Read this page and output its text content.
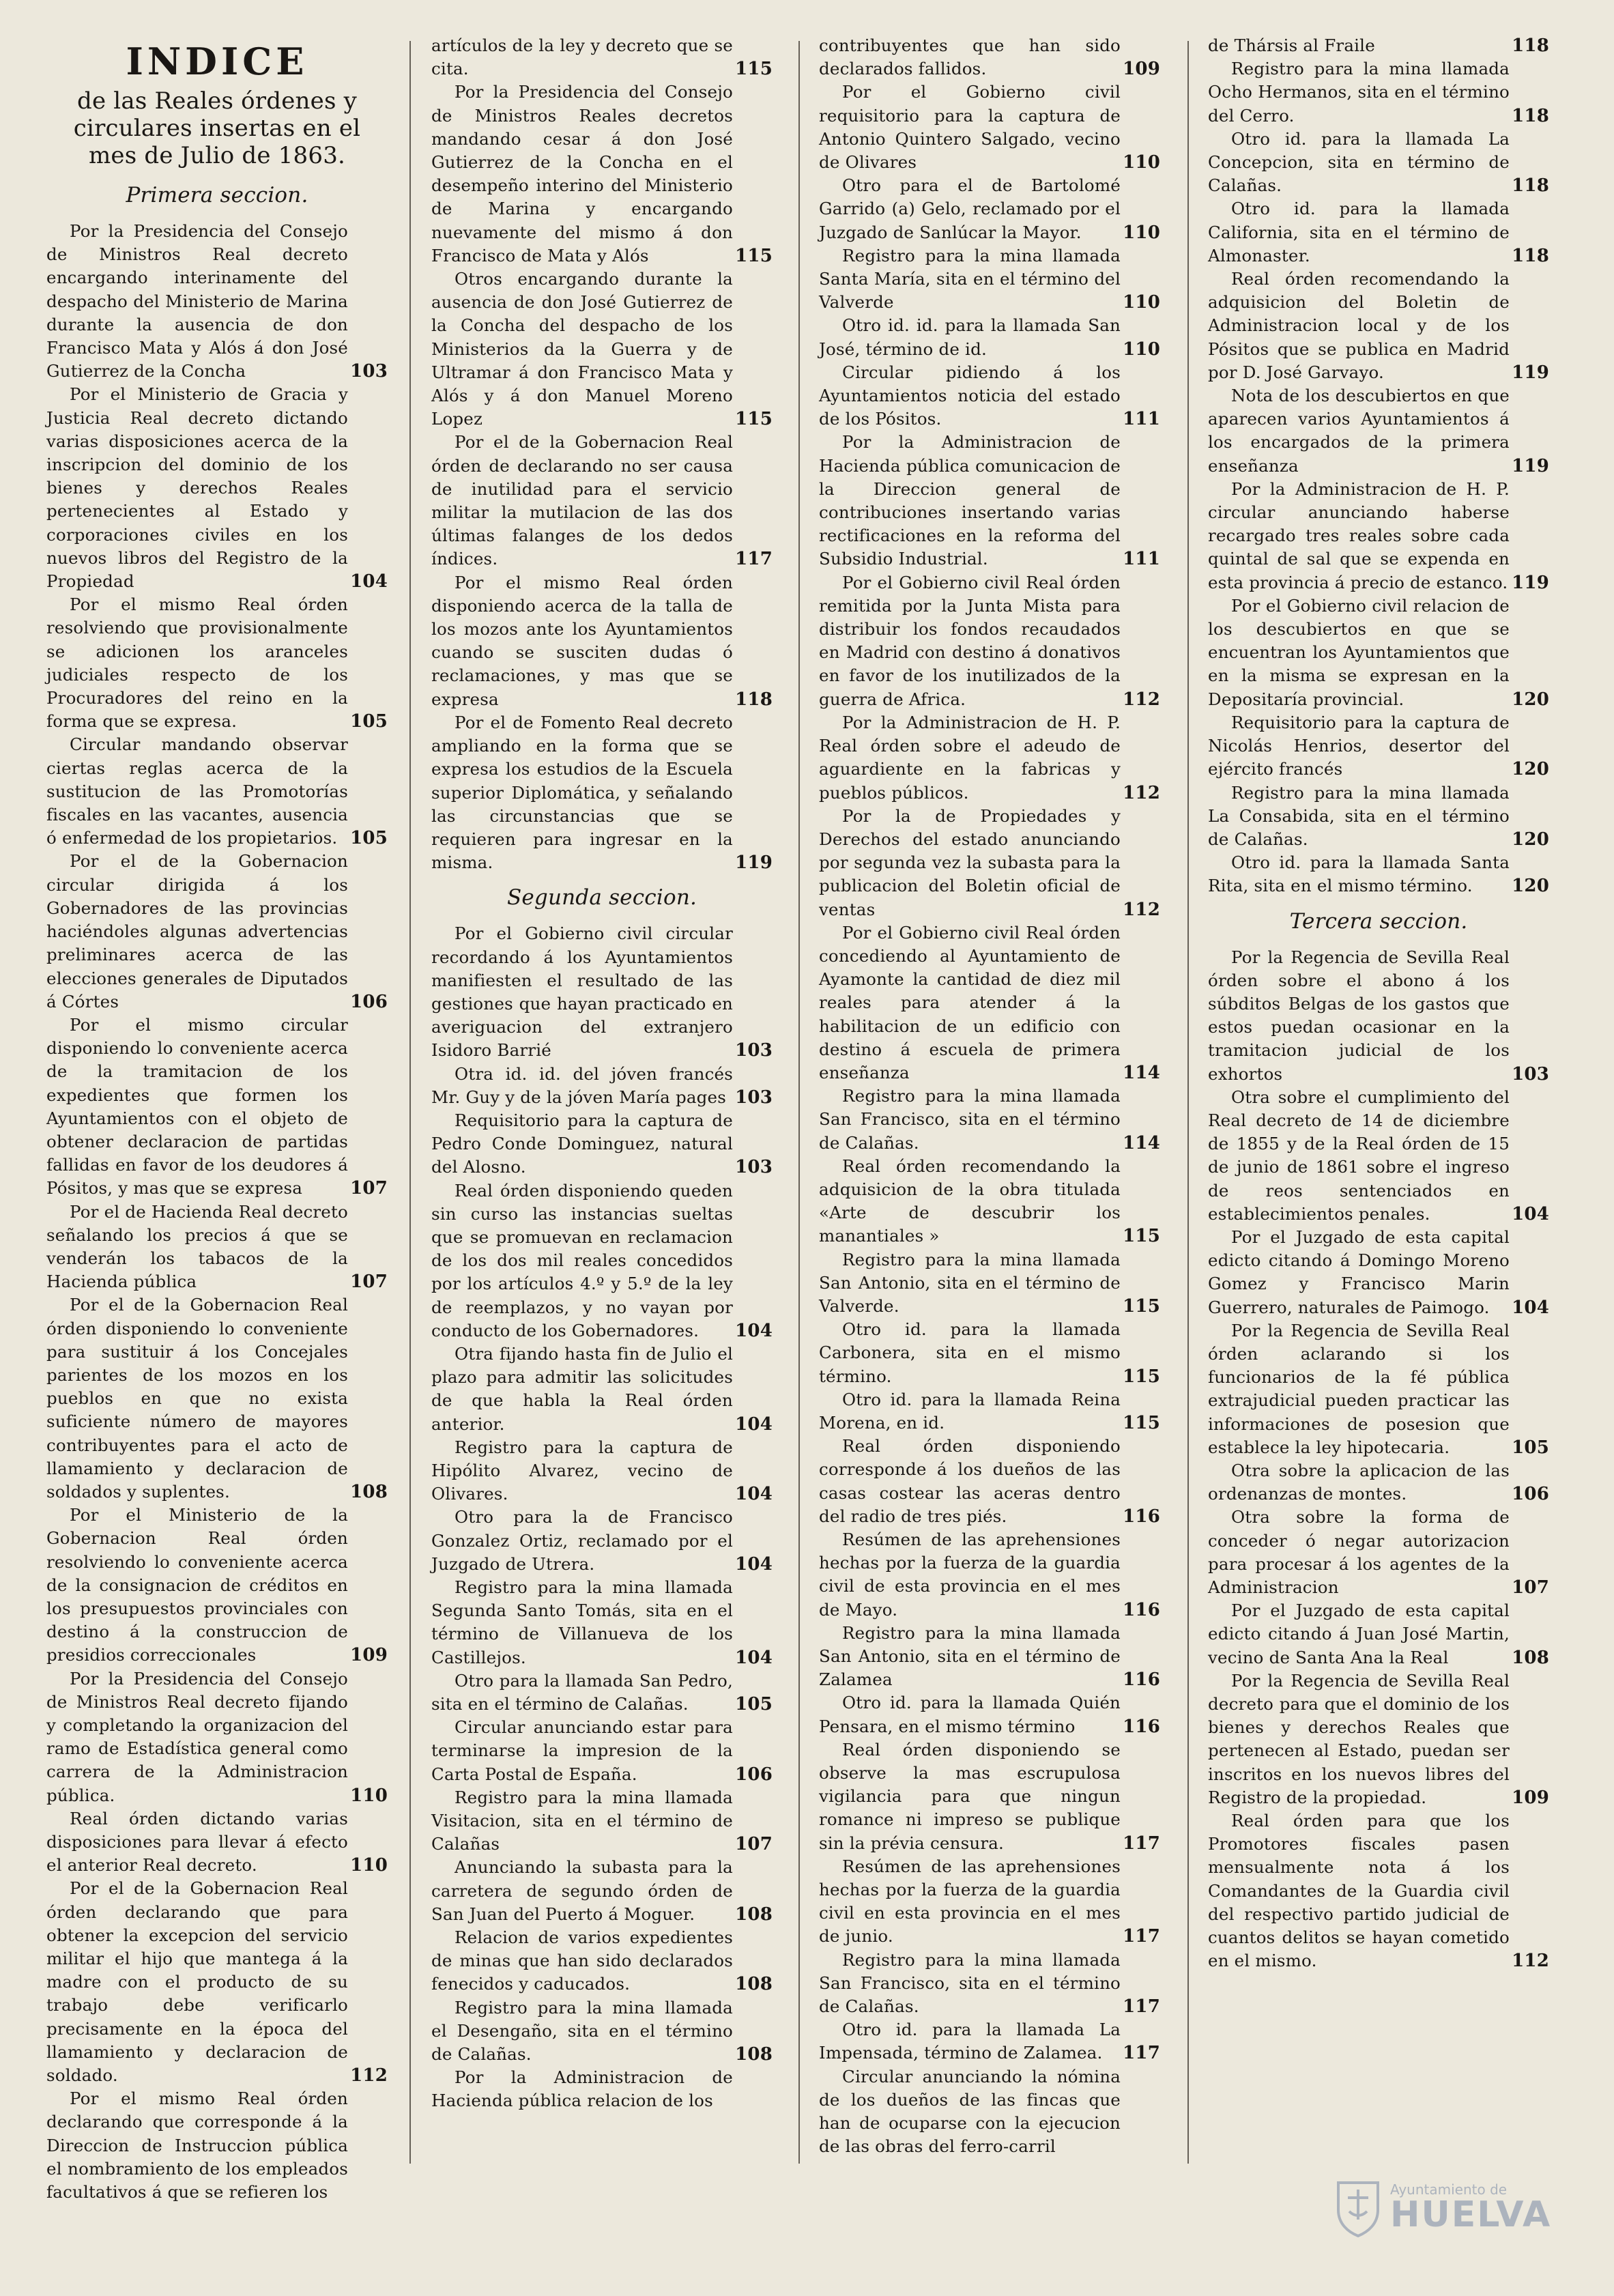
INDICE
de las Reales órdenes y circulares insertas en el mes de Julio de 1863.
Primera seccion.
Por la Presidencia del Consejo de Ministros Real decreto encargando interinamente del despacho del Ministerio de Marina durante la ausencia de don Francisco Mata y Alós á don José Gutierrez de la Concha	103
Por el Ministerio de Gracia y Justicia Real decreto dictando varias disposiciones acerca de la inscripcion del dominio de los bienes y derechos Reales pertenecientes al Estado y corporaciones civiles en los nuevos libros del Registro de la Propiedad	104
Por el mismo Real órden resolviendo que provisionalmente se adicionen los aranceles judiciales respecto de los Procuradores del reino en la forma que se expresa.	105
Circular mandando observar ciertas reglas acerca de la sustitucion de las Promotorías fiscales en las vacantes, ausencia ó enfermedad de los propietarios. 105
Por el de la Gobernacion circular dirigida á los Gobernadores de las provincias haciéndoles algunas advertencias preliminares acerca de las elecciones generales de Diputados á Córtes	106
Por el mismo circular disponiendo lo conveniente acerca de la tramitacion de los expedientes que formen los Ayuntamientos con el objeto de obtener declaracion de partidas fallidas en favor de los deudores á Pósitos, y mas que se expresa	107
Por el de Hacienda Real decreto señalando los precios á que se venderán los tabacos de la Hacienda pública	107
Por el de la Gobernacion Real órden disponiendo lo conveniente para sustituir á los Concejales parientes de los mozos en los pueblos en que no exista suficiente número de mayores contribuyentes para el acto de llamamiento y declaracion de soldados y suplentes.	108
Por el Ministerio de la Gobernacion Real órden resolviendo lo conveniente acerca de la consignacion de créditos en los presupuestos provinciales con destino á la construccion de presidios correccionales	109
Por la Presidencia del Consejo de Ministros Real decreto fijando y completando la organizacion del ramo de Estadística general como carrera de la Administracion pública.	110
Real órden dictando varias disposiciones para llevar á efecto el anterior Real decreto.	110
Por el de la Gobernacion Real órden declarando que para obtener la excepcion del servicio militar el hijo que mantega á la madre con el producto de su trabajo debe verificarlo precisamente en la época del llamamiento y declaracion de soldado.	112
Por el mismo Real órden declarando que corresponde á la Direccion de Instruccion pública el nombramiento de los empleados facultativos á que se refieren los
artículos de la ley y decreto que se cita.	115
Por la Presidencia del Consejo de Ministros Reales decretos mandando cesar á don José Gutierrez de la Concha en el desempeño interino del Ministerio de Marina y encargando nuevamente del mismo á don Francisco de Mata y Alós	115
Otros encargando durante la ausencia de don José Gutierrez de la Concha del despacho de los Ministerios da la Guerra y de Ultramar á don Francisco Mata y Alós y á don Manuel Moreno Lopez	115
Por el de la Gobernacion Real órden de declarando no ser causa de inutilidad para el servicio militar la mutilacion de las dos últimas falanges de los dedos índices.	117
Por el mismo Real órden disponiendo acerca de la talla de los mozos ante los Ayuntamientos cuando se susciten dudas ó reclamaciones, y mas que se expresa	118
Por el de Fomento Real decreto ampliando en la forma que se expresa los estudios de la Escuela superior Diplomática, y señalando las circunstancias que se requieren para ingresar en la misma.	119
Segunda seccion.
Por el Gobierno civil circular recordando á los Ayuntamientos manifiesten el resultado de las gestiones que hayan practicado en averiguacion del extranjero Isidoro Barrié	103
Otra id. id. del jóven francés Mr. Guy y de la jóven María pages 103
Requisitorio para la captura de Pedro Conde Dominguez, natural del Alosno.	103
Real órden disponiendo queden sin curso las instancias sueltas que se promuevan en reclamacion de los dos mil reales concedidos por los artículos 4.º y 5.º de la ley de reemplazos, y no vayan por conducto de los Gobernadores.	104
Otra fijando hasta fin de Julio el plazo para admitir las solicitudes de que habla la Real órden anterior.	104
Registro para la captura de Hipólito Alvarez, vecino de Olivares.	104
Otro para la de Francisco Gonzalez Ortiz, reclamado por el Juzgado de Utrera.	104
Registro para la mina llamada Segunda Santo Tomás, sita en el término de Villanueva de los Castillejos.	104
Otro para la llamada San Pedro, sita en el término de Calañas.	105
Circular anunciando estar para terminarse la impresion de la Carta Postal de España.	106
Registro para la mina llamada Visitacion, sita en el término de Calañas	107
Anunciando la subasta para la carretera de segundo órden de San Juan del Puerto á Moguer.	108
Relacion de varios expedientes de minas que han sido declarados fenecidos y caducados.	108
Registro para la mina llamada el Desengaño, sita en el término de Calañas.	108
Por la Administracion de Hacienda pública relacion de los
contribuyentes que han sido declarados fallidos.	109
Por el Gobierno civil requisitorio para la captura de Antonio Quintero Salgado, vecino de Olivares	110
Otro para el de Bartolomé Garrido (a) Gelo, reclamado por el Juzgado de Sanlúcar la Mayor.	110
Registro para la mina llamada Santa María, sita en el término del Valverde	110
Otro id. id. para la llamada San José, término de id.	110
Circular pidiendo á los Ayuntamientos noticia del estado de los Pósitos.	111
Por la Administracion de Hacienda pública comunicacion de la Direccion general de contribuciones insertando varias rectificaciones en la reforma del Subsidio Industrial.	111
Por el Gobierno civil Real órden remitida por la Junta Mista para distribuir los fondos recaudados en Madrid con destino á donativos en favor de los inutilizados de la guerra de Africa.	112
Por la Administracion de H. P. Real órden sobre el adeudo de aguardiente en la fabricas y pueblos públicos.	112
Por la de Propiedades y Derechos del estado anunciando por segunda vez la subasta para la publicacion del Boletin oficial de ventas	112
Por el Gobierno civil Real órden concediendo al Ayuntamiento de Ayamonte la cantidad de diez mil reales para atender á la habilitacion de un edificio con destino á escuela de primera enseñanza	114
Registro para la mina llamada San Francisco, sita en el término de Calañas.	114
Real órden recomendando la adquisicion de la obra titulada «Arte de descubrir los manantiales »	115
Registro para la mina llamada San Antonio, sita en el término de Valverde.	115
Otro id. para la llamada Carbonera, sita en el mismo término.	115
Otro id. para la llamada Reina Morena, en id.	115
Real órden disponiendo corresponde á los dueños de las casas costear las aceras dentro del radio de tres piés.	116
Resúmen de las aprehensiones hechas por la fuerza de la guardia civil de esta provincia en el mes de Mayo.	116
Registro para la mina llamada San Antonio, sita en el término de Zalamea	116
Otro id. para la llamada Quién Pensara, en el mismo término	116
Real órden disponiendo se observe la mas escrupulosa vigilancia para que ningun romance ni impreso se publique sin la prévia censura.	117
Resúmen de las aprehensiones hechas por la fuerza de la guardia civil en esta provincia en el mes de junio.	117
Registro para la mina llamada San Francisco, sita en el término de Calañas.	117
Otro id. para la llamada La Impensada, término de Zalamea.	117
Circular anunciando la nómina de los dueños de las fincas que han de ocuparse con la ejecucion de las obras del ferro-carril
de Thársis al Fraile	118
Registro para la mina llamada Ocho Hermanos, sita en el término del Cerro.	118
Otro id. para la llamada La Concepcion, sita en término de Calañas.	118
Otro id. para la llamada California, sita en el término de Almonaster.	118
Real órden recomendando la adquisicion del Boletin de Administracion local y de los Pósitos que se publica en Madrid por D. José Garvayo.	119
Nota de los descubiertos en que aparecen varios Ayuntamientos á los encargados de la primera enseñanza	119
Por la Administracion de H. P. circular anunciando haberse recargado tres reales sobre cada quintal de sal que se expenda en esta provincia á precio de estanco. 119
Por el Gobierno civil relacion de los descubiertos en que se encuentran los Ayuntamientos que en la misma se expresan en la Depositaría provincial.	120
Requisitorio para la captura de Nicolás Henrios, desertor del ejército francés	120
Registro para la mina llamada La Consabida, sita en el término de Calañas.	120
Otro id. para la llamada Santa Rita, sita en el mismo término.	120
Tercera seccion.
Por la Regencia de Sevilla Real órden sobre el abono á los súbditos Belgas de los gastos que estos puedan ocasionar en la tramitacion judicial de los exhortos	103
Otra sobre el cumplimiento del Real decreto de 14 de diciembre de 1855 y de la Real órden de 15 de junio de 1861 sobre el ingreso de reos sentenciados en establecimientos penales.	104
Por el Juzgado de esta capital edicto citando á Domingo Moreno Gomez y Francisco Marin Guerrero, naturales de Paimogo.	104
Por la Regencia de Sevilla Real órden aclarando si los funcionarios de la fé pública extrajudicial pueden practicar las informaciones de posesion que establece la ley hipotecaria.	105
Otra sobre la aplicacion de las ordenanzas de montes.	106
Otra sobre la forma de conceder ó negar autorizacion para procesar á los agentes de la Administracion	107
Por el Juzgado de esta capital edicto citando á Juan José Martin, vecino de Santa Ana la Real	108
Por la Regencia de Sevilla Real decreto para que el dominio de los bienes y derechos Reales que pertenecen al Estado, puedan ser inscritos en los nuevos libres del Registro de la propiedad.	109
Real órden para que los Promotores fiscales pasen mensualmente nota á los Comandantes de la Guardia civil del respectivo partido judicial de cuantos delitos se hayan cometido en el mismo.	112
Ayuntamiento de
HUELVA
